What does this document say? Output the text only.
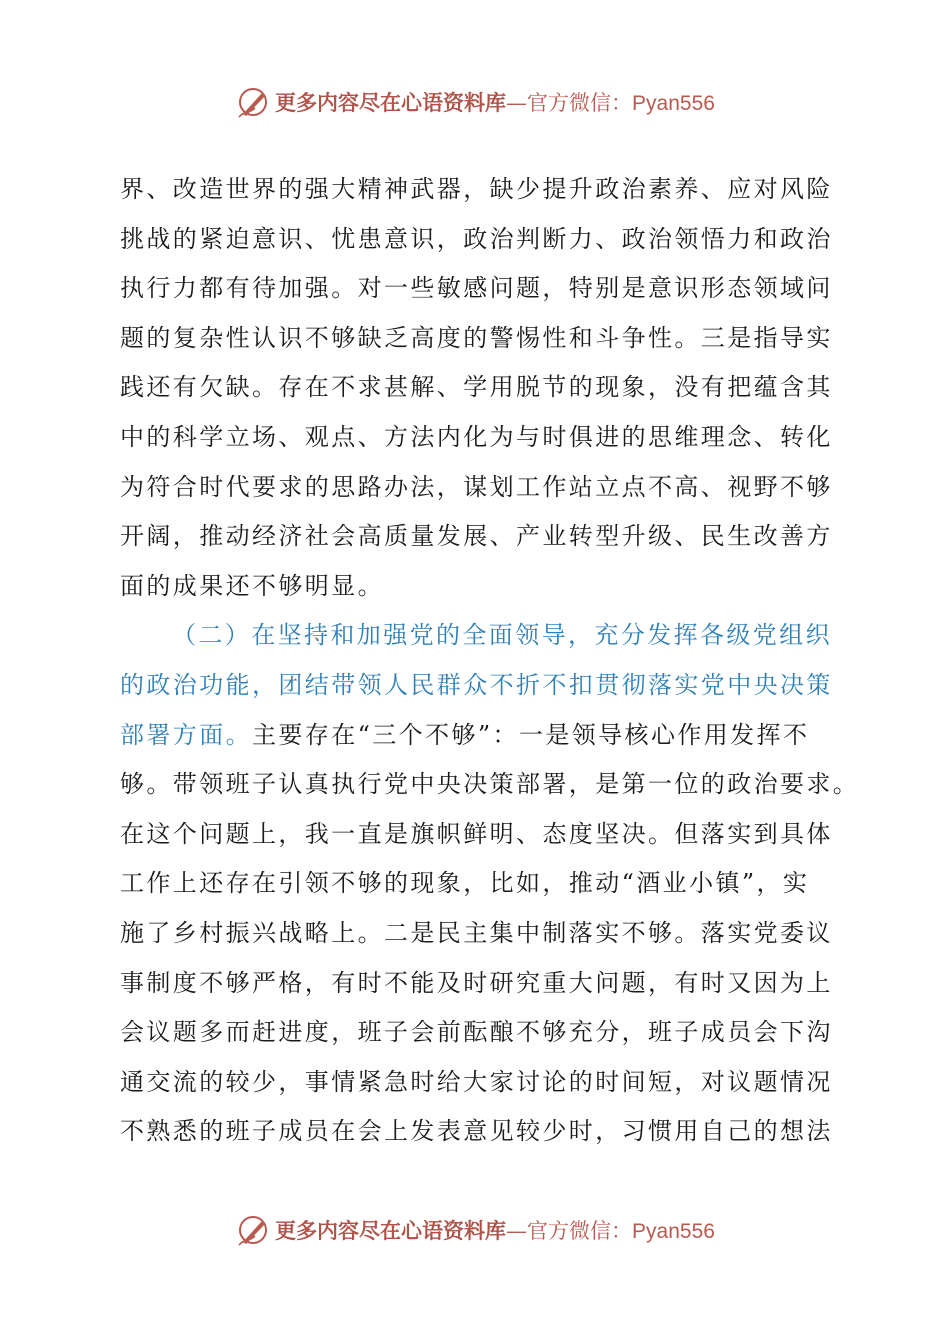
更多内容尽在心语资料库—官方微信：Pyan556
界、改造世界的强大精神武器，缺少提升政治素养、应对风险
挑战的紧迫意识、忧患意识，政治判断力、政治领悟力和政治
执行力都有待加强。对一些敏感问题，特别是意识形态领域问
题的复杂性认识不够缺乏高度的警惕性和斗争性。三是指导实
践还有欠缺。存在不求甚解、学用脱节的现象，没有把蕴含其
中的科学立场、观点、方法内化为与时俱进的思维理念、转化
为符合时代要求的思路办法，谋划工作站立点不高、视野不够
开阔，推动经济社会高质量发展、产业转型升级、民生改善方
面的成果还不够明显。
（二）在坚持和加强党的全面领导，充分发挥各级党组织
的政治功能，团结带领人民群众不折不扣贯彻落实党中央决策
部署方面。主要存在“三个不够”：一是领导核心作用发挥不
够。带领班子认真执行党中央决策部署，是第一位的政治要求。
在这个问题上，我一直是旗帜鲜明、态度坚决。但落实到具体
工作上还存在引领不够的现象，比如，推动“酒业小镇”，实
施了乡村振兴战略上。二是民主集中制落实不够。落实党委议
事制度不够严格，有时不能及时研究重大问题，有时又因为上
会议题多而赶进度，班子会前酝酿不够充分，班子成员会下沟
通交流的较少，事情紧急时给大家讨论的时间短，对议题情况
不熟悉的班子成员在会上发表意见较少时，习惯用自己的想法
更多内容尽在心语资料库—官方微信：Pyan556
